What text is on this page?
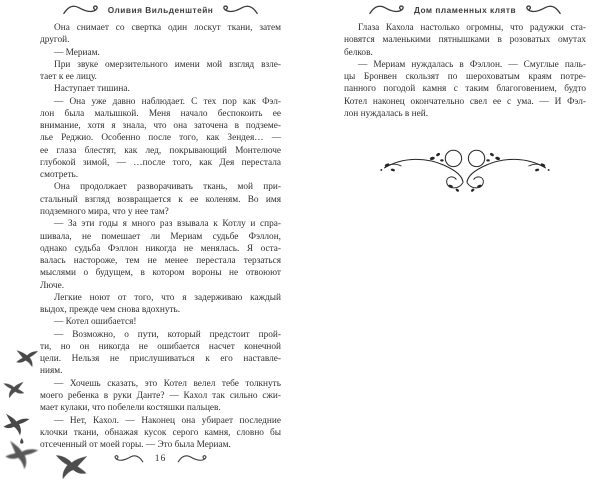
Оливия Вильденштейн

Она снимает со свертка один лоскут ткани, затем
другой.

— Мериам.

При звуке омерзительного имени мой взгляд взле-
тает к ее лицу.

Наступает тишина.

— Она уже давно наблюдает. С тех пор как Фэл-
лон была малышкой. Меня начало беспокоить ее
внимание, хотя я знала, что она заточена в подземе-
лье Реджио. Особенно после того, как Зендея… —
ее глаза блестят, как лед, покрывающий Монтелюче
глубокой зимой, — …после того, как Дея перестала
смотреть.

Она продолжает разворачивать ткань, мой при-
стальный взгляд возвращается к ее коленям. Во имя
подземного мира, что у нее там?

— За эти годы я много раз взывала к Котлу и спра-
шивала, не помешает ли Мериам судьбе Фэллон,
однако судьба Фэллон никогда не менялась. Я оста-
валась настороже, тем не менее перестала терзаться
мыслями о будущем, в котором вороны не отвоюют
Люче.

Легкие ноют от того, что я задерживаю каждый
выдох, прежде чем снова вдохнуть.

— Котел ошибается!

— Возможно, о пути, который предстоит прой-
ти, но он никогда не ошибается насчет конечной
цели. Нельзя не прислушиваться к его наставле-
ниям.

— Хочешь сказать, это Котел велел тебе толкнуть
моего ребенка в руки Данте? — Кахол так сильно сжи-
мает кулаки, что побелели костяшки пальцев.

— Нет, Кахол. — Наконец она убирает последние
клочки ткани, обнажая кусок серого камня, словно бы
отсеченный от моей горы. — Это была Мериам.

16
Дом пламенных клятв

Глаза Кахола настолько огромны, что радужки ста-
новятся маленькими пятнышками в розоватых омутах
белков.

— Мериам нуждалась в Фэллон. — Смуглые паль-
цы Бронвен скользят по шероховатым краям потре-
панного погодой камня с таким благоговением, будто
Котел наконец окончательно свел ее с ума. — И Фэл-
лон нуждалась в ней.
